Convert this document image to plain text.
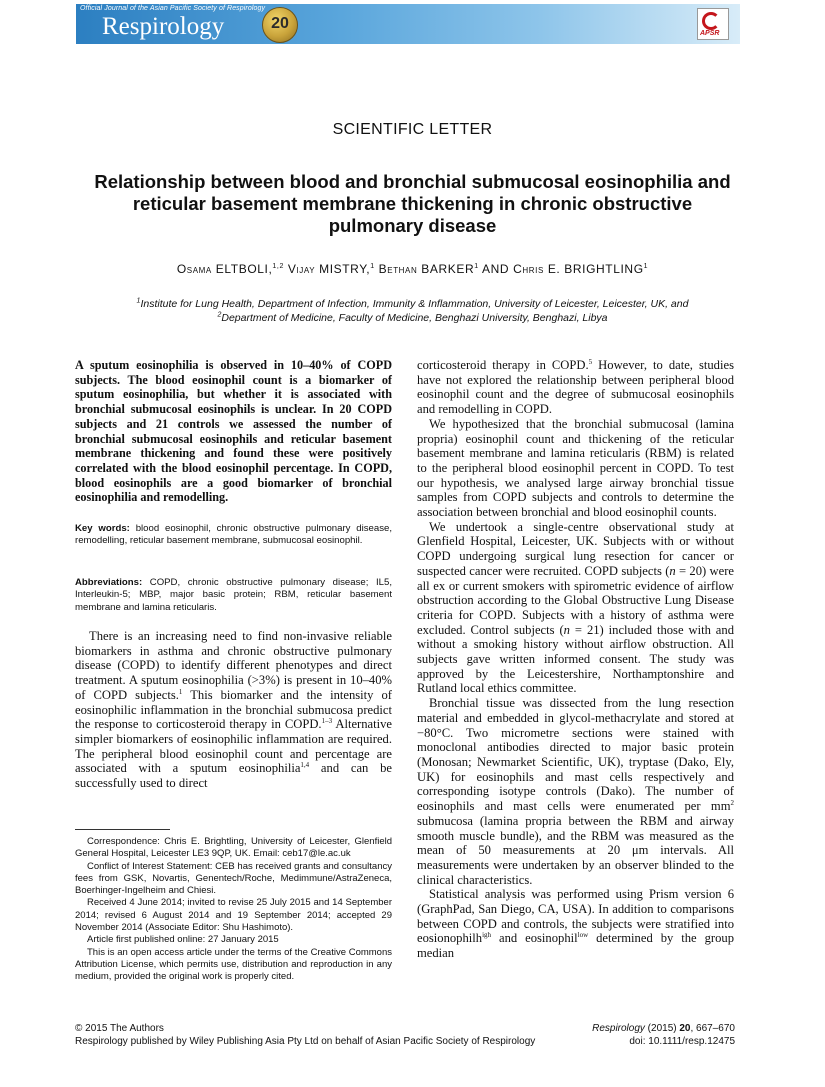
Official Journal of the Asian Pacific Society of Respirology
Respirology	20
APSR
SCIENTIFIC LETTER
Relationship between blood and bronchial submucosal eosinophilia and reticular basement membrane thickening in chronic obstructive pulmonary disease
Osama ELTBOLI,$^{1,2}$ Vijay MISTRY,$^1$ Bethan BARKER$^1$ AND Chris E. BRIGHTLING$^1$
$^1$Institute for Lung Health, Department of Infection, Immunity & Inflammation, University of Leicester, Leicester, UK, and
$^2$Department of Medicine, Faculty of Medicine, Benghazi University, Benghazi, Libya
A sputum eosinophilia is observed in 10–40% of COPD subjects. The blood eosinophil count is a biomarker of sputum eosinophilia, but whether it is associated with bronchial submucosal eosinophils is unclear. In 20 COPD subjects and 21 controls we assessed the number of bronchial submucosal eosinophils and reticular basement membrane thickening and found these were positively correlated with the blood eosinophil percentage. In COPD, blood eosinophils are a good biomarker of bronchial eosinophilia and remodelling.
Key words: blood eosinophil, chronic obstructive pulmonary disease, remodelling, reticular basement membrane, submucosal eosinophil.
Abbreviations: COPD, chronic obstructive pulmonary disease; IL5, Interleukin-5; MBP, major basic protein; RBM, reticular basement membrane and lamina reticularis.
There is an increasing need to find non-invasive reliable biomarkers in asthma and chronic obstructive pulmonary disease (COPD) to identify different phenotypes and direct treatment. A sputum eosinophilia (>3%) is present in 10–40% of COPD subjects.$^1$ This biomarker and the intensity of eosinophilic inflammation in the bronchial submucosa predict the response to corticosteroid therapy in COPD.$^{1-3}$ Alternative simpler biomarkers of eosinophilic inflammation are required. The peripheral blood eosinophil count and percentage are associated with a sputum eosinophilia$^{1,4}$ and can be successfully used to direct

Correspondence: Chris E. Brightling, University of Leicester, Glenfield General Hospital, Leicester LE3 9QP, UK. Email: ceb17@le.ac.uk

Conflict of Interest Statement: CEB has received grants and consultancy fees from GSK, Novartis, Genentech/Roche, Medimmune/AstraZeneca, Boerhinger-Ingelheim and Chiesi.

Received 4 June 2014; invited to revise 25 July 2015 and 14 September 2014; revised 6 August 2014 and 19 September 2014; accepted 29 November 2014 (Associate Editor: Shu Hashimoto).

Article first published online: 27 January 2015

This is an open access article under the terms of the Creative Commons Attribution License, which permits use, distribution and reproduction in any medium, provided the original work is properly cited.

corticosteroid therapy in COPD.$^5$ However, to date, studies have not explored the relationship between peripheral blood eosinophil count and the degree of submucosal eosinophils and remodelling in COPD.

We hypothesized that the bronchial submucosal (lamina propria) eosinophil count and thickening of the reticular basement membrane and lamina reticularis (RBM) is related to the peripheral blood eosinophil percent in COPD. To test our hypothesis, we analysed large airway bronchial tissue samples from COPD subjects and controls to determine the association between bronchial and blood eosinophil counts.

We undertook a single-centre observational study at Glenfield Hospital, Leicester, UK. Subjects with or without COPD undergoing surgical lung resection for cancer or suspected cancer were recruited. COPD subjects (n = 20) were all ex or current smokers with spirometric evidence of airflow obstruction according to the Global Obstructive Lung Disease criteria for COPD. Subjects with a history of asthma were excluded. Control subjects (n = 21) included those with and without a smoking history without airflow obstruction. All subjects gave written informed consent. The study was approved by the Leicestershire, Northamptonshire and Rutland local ethics committee.

Bronchial tissue was dissected from the lung resection material and embedded in glycol-methacrylate and stored at −80°C. Two micrometre sections were stained with monoclonal antibodies directed to major basic protein (Monosan; Newmarket Scientific, UK), tryptase (Dako, Ely, UK) for eosinophils and mast cells respectively and corresponding isotype controls (Dako). The number of eosinophils and mast cells were enumerated per $mm^2$ submucosa (lamina propria between the RBM and airway smooth muscle bundle), and the RBM was measured as the mean of 50 measurements at 20 μm intervals. All measurements were undertaken by an observer blinded to the clinical characteristics.

Statistical analysis was performed using Prism version 6 (GraphPad, San Diego, CA, USA). In addition to comparisons between COPD and controls, the subjects were stratified into eosionophilh$^{igh}$ and eosinophil$^{low}$ determined by the group median

© 2015 The Authors	Respirology (2015) 20, 667–670
Respirology published by Wiley Publishing Asia Pty Ltd on behalf of Asian Pacific Society of Respirology	doi: 10.1111/resp.12475
